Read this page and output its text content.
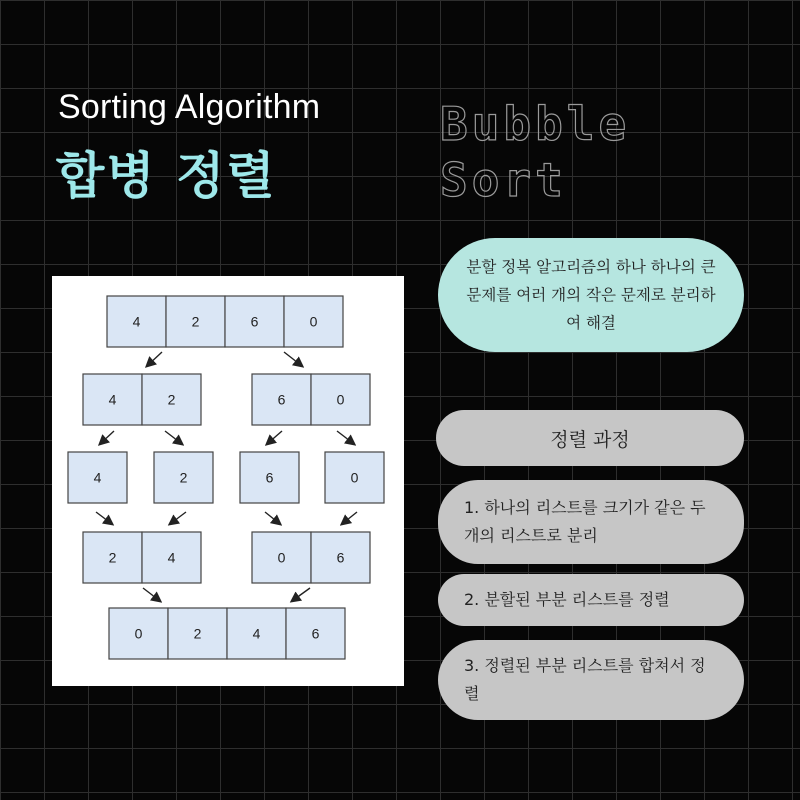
Sorting Algorithm
합병 정렬
Bubble
Sort
4	2	6	0
4	2	6	0
4	2	6	0
2	4	0	6
0	2	4	6
분할 정복 알고리즘의 하나 하나의 큰 문제를 여러 개의 작은 문제로 분리하여 해결
정렬 과정
1. 하나의 리스트를 크기가 같은 두 개의 리스트로 분리
2. 분할된 부분 리스트를 정렬
3. 정렬된 부분 리스트를 합쳐서 정렬
